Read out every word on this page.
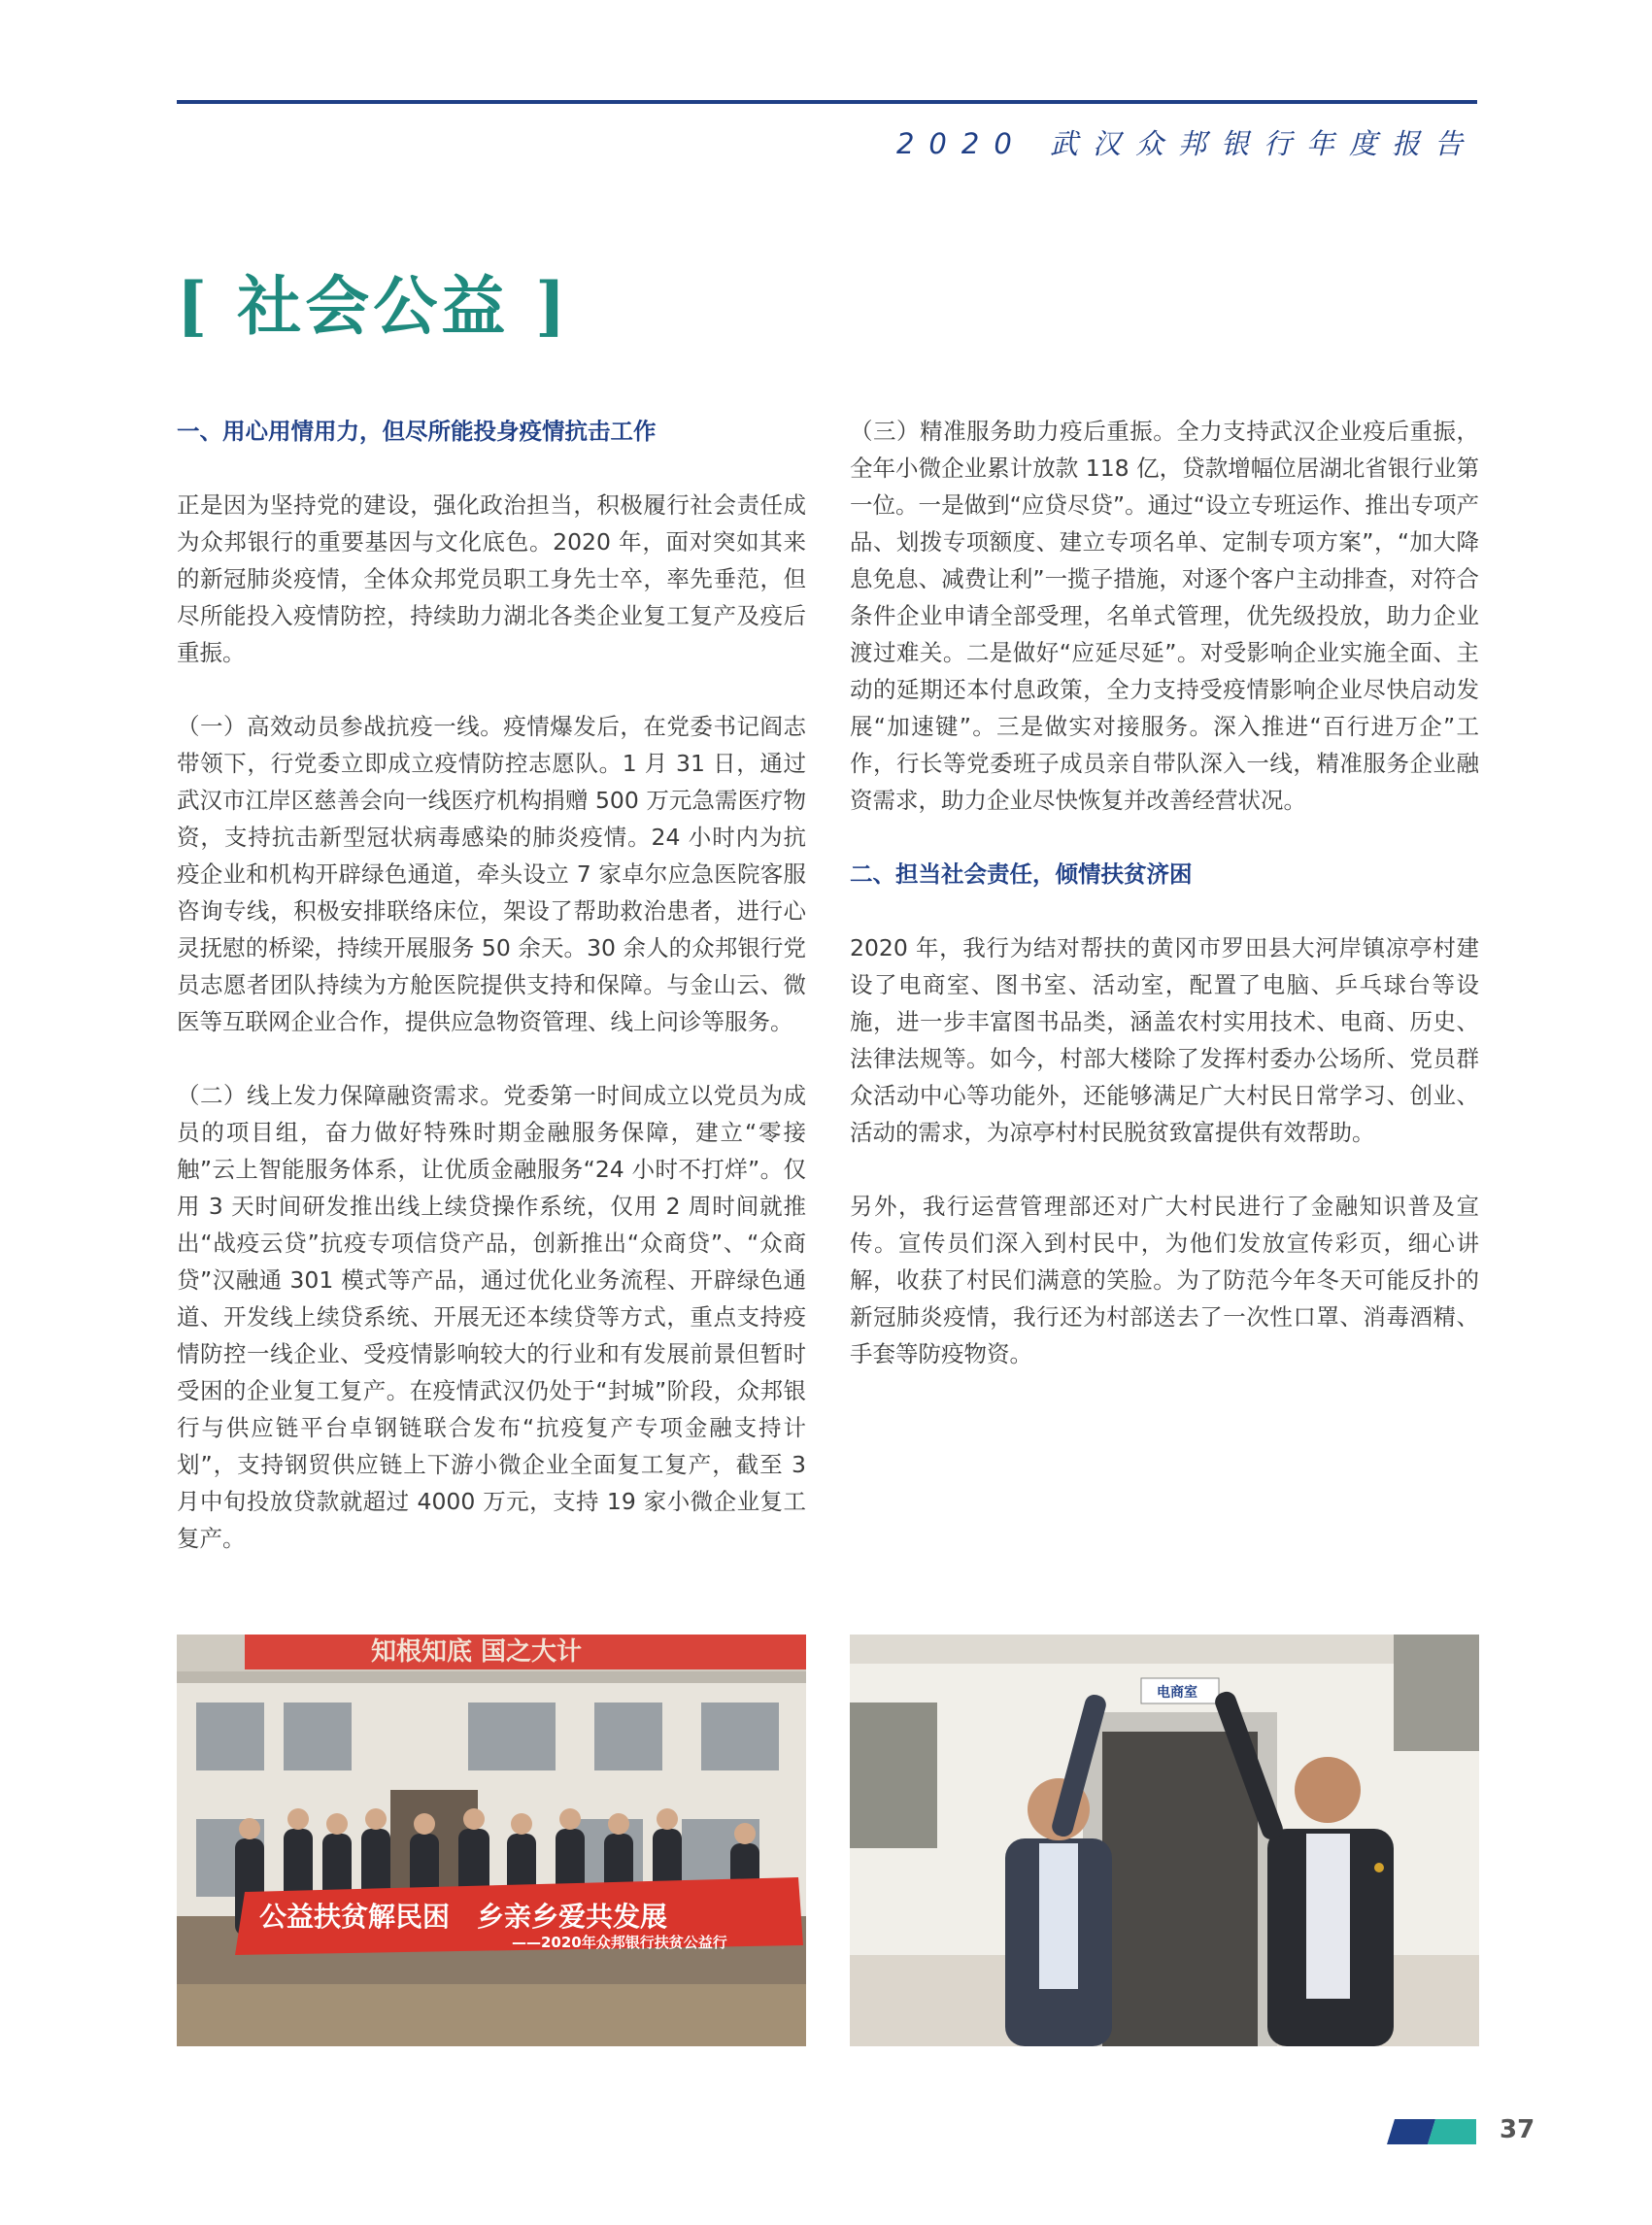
2020 武汉众邦银行年度报告
[ 社会公益 ]
一、用心用情用力，但尽所能投身疫情抗击工作

正是因为坚持党的建设，强化政治担当，积极履行社会责任成为众邦银行的重要基因与文化底色。2020 年，面对突如其来的新冠肺炎疫情，全体众邦党员职工身先士卒，率先垂范，但尽所能投入疫情防控，持续助力湖北各类企业复工复产及疫后重振。

（一）高效动员参战抗疫一线。疫情爆发后，在党委书记阎志带领下，行党委立即成立疫情防控志愿队。1 月 31 日，通过武汉市江岸区慈善会向一线医疗机构捐赠 500 万元急需医疗物资，支持抗击新型冠状病毒感染的肺炎疫情。24 小时内为抗疫企业和机构开辟绿色通道，牵头设立 7 家卓尔应急医院客服咨询专线，积极安排联络床位，架设了帮助救治患者，进行心灵抚慰的桥梁，持续开展服务 50 余天。30 余人的众邦银行党员志愿者团队持续为方舱医院提供支持和保障。与金山云、微医等互联网企业合作，提供应急物资管理、线上问诊等服务。

（二）线上发力保障融资需求。党委第一时间成立以党员为成员的项目组，奋力做好特殊时期金融服务保障，建立“零接触”云上智能服务体系，让优质金融服务“24 小时不打烊”。仅用 3 天时间研发推出线上续贷操作系统，仅用 2 周时间就推出“战疫云贷”抗疫专项信贷产品，创新推出“众商贷”、“众商贷”汉融通 301 模式等产品，通过优化业务流程、开辟绿色通道、开发线上续贷系统、开展无还本续贷等方式，重点支持疫情防控一线企业、受疫情影响较大的行业和有发展前景但暂时受困的企业复工复产。在疫情武汉仍处于“封城”阶段，众邦银行与供应链平台卓钢链联合发布“抗疫复产专项金融支持计划”，支持钢贸供应链上下游小微企业全面复工复产，截至 3 月中旬投放贷款就超过 4000 万元，支持 19 家小微企业复工复产。

（三）精准服务助力疫后重振。全力支持武汉企业疫后重振，全年小微企业累计放款 118 亿，贷款增幅位居湖北省银行业第一位。一是做到“应贷尽贷”。通过“设立专班运作、推出专项产品、划拨专项额度、建立专项名单、定制专项方案”，“加大降息免息、减费让利”一揽子措施，对逐个客户主动排查，对符合条件企业申请全部受理，名单式管理，优先级投放，助力企业渡过难关。二是做好“应延尽延”。对受影响企业实施全面、主动的延期还本付息政策，全力支持受疫情影响企业尽快启动发展“加速键”。三是做实对接服务。深入推进“百行进万企”工作，行长等党委班子成员亲自带队深入一线，精准服务企业融资需求，助力企业尽快恢复并改善经营状况。

二、担当社会责任，倾情扶贫济困

2020 年，我行为结对帮扶的黄冈市罗田县大河岸镇凉亭村建设了电商室、图书室、活动室，配置了电脑、乒乓球台等设施，进一步丰富图书品类，涵盖农村实用技术、电商、历史、法律法规等。如今，村部大楼除了发挥村委办公场所、党员群众活动中心等功能外，还能够满足广大村民日常学习、创业、活动的需求，为凉亭村村民脱贫致富提供有效帮助。

另外，我行运营管理部还对广大村民进行了金融知识普及宣传。宣传员们深入到村民中，为他们发放宣传彩页，细心讲解，收获了村民们满意的笑脸。为了防范今年冬天可能反扑的新冠肺炎疫情，我行还为村部送去了一次性口罩、消毒酒精、手套等防疫物资。

知根知底 国之大计
公益扶贫解民困　乡亲乡爱共发展
——2020年众邦银行扶贫公益行
电商室
37
